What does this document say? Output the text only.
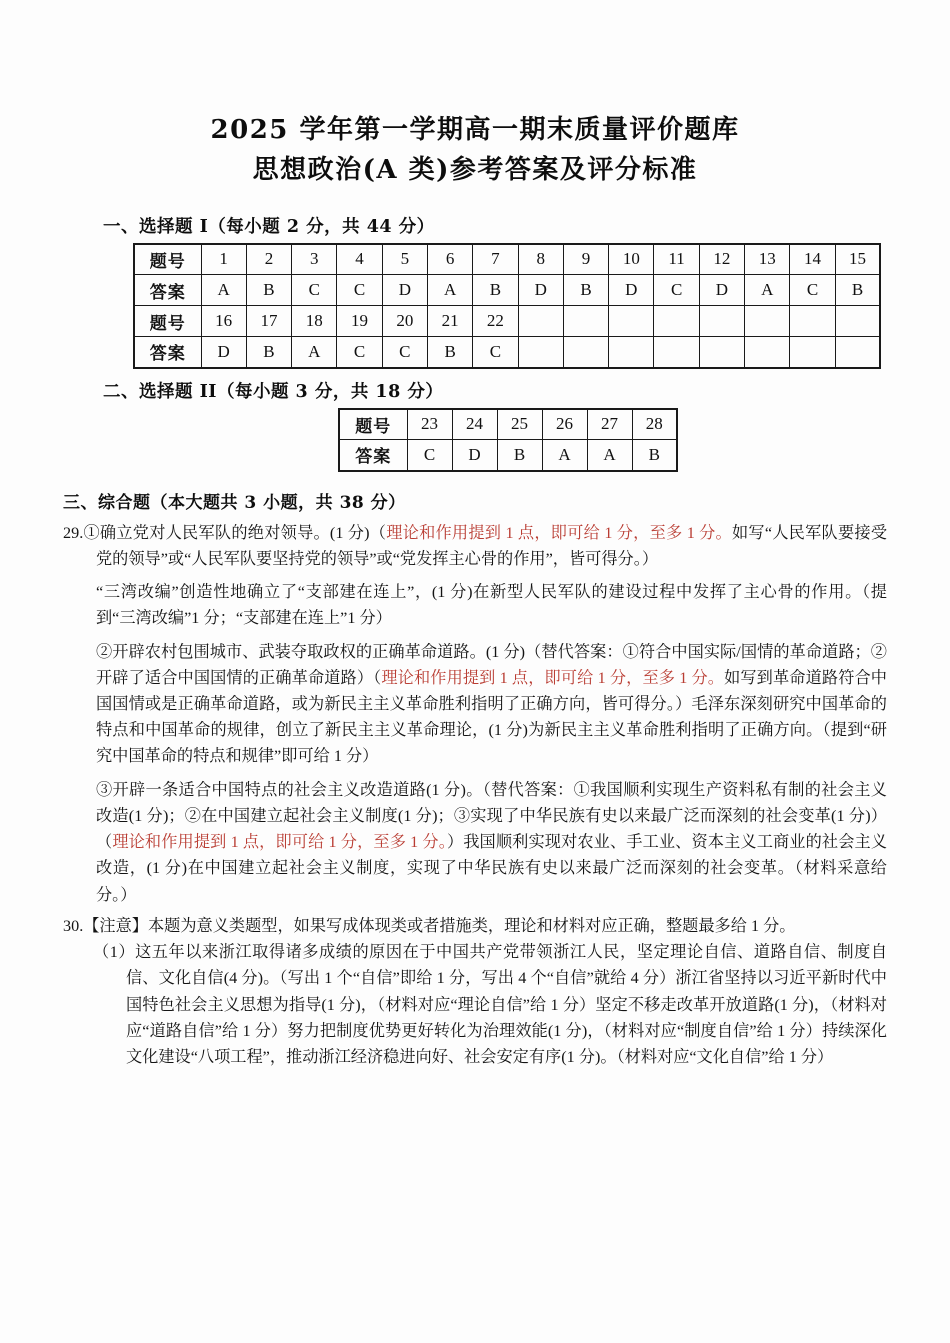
2025 学年第一学期高一期末质量评价题库
思想政治(A 类)参考答案及评分标准
一、选择题 I（每小题 2 分，共 44 分）
题号	1	2	3	4	5	6	7	8	9	10	11	12	13	14	15
答案	A	B	C	C	D	A	B	D	B	D	C	D	A	C	B
题号	16	17	18	19	20	21	22								
答案	D	B	A	C	C	B	C								
二、选择题 II（每小题 3 分，共 18 分）
题号	23	24	25	26	27	28
答案	C	D	B	A	A	B
三、综合题（本大题共 3 小题，共 38 分）
29.①确立党对人民军队的绝对领导。(1 分)（理论和作用提到 1 点，即可给 1 分，至多 1 分。如写“人民军队要接受党的领导”或“人民军队要坚持党的领导”或“党发挥主心骨的作用”，皆可得分。）
“三湾改编”创造性地确立了“支部建在连上”，(1 分)在新型人民军队的建设过程中发挥了主心骨的作用。（提到“三湾改编”1 分；“支部建在连上”1 分）
②开辟农村包围城市、武装夺取政权的正确革命道路。(1 分)（替代答案：①符合中国实际/国情的革命道路；②开辟了适合中国国情的正确革命道路）（理论和作用提到 1 点，即可给 1 分，至多 1 分。如写到革命道路符合中国国情或是正确革命道路，或为新民主主义革命胜利指明了正确方向，皆可得分。）毛泽东深刻研究中国革命的特点和中国革命的规律，创立了新民主主义革命理论，(1 分)为新民主主义革命胜利指明了正确方向。（提到“研究中国革命的特点和规律”即可给 1 分）
③开辟一条适合中国特点的社会主义改造道路(1 分)。（替代答案：①我国顺利实现生产资料私有制的社会主义改造(1 分)；②在中国建立起社会主义制度(1 分)；③实现了中华民族有史以来最广泛而深刻的社会变革(1 分)）（理论和作用提到 1 点，即可给 1 分，至多 1 分。）我国顺利实现对农业、手工业、资本主义工商业的社会主义改造，(1 分)在中国建立起社会主义制度，实现了中华民族有史以来最广泛而深刻的社会变革。（材料采意给分。）
30.【注意】本题为意义类题型，如果写成体现类或者措施类，理论和材料对应正确，整题最多给 1 分。
（1）这五年以来浙江取得诸多成绩的原因在于中国共产党带领浙江人民，坚定理论自信、道路自信、制度自信、文化自信(4 分)。（写出 1 个“自信”即给 1 分，写出 4 个“自信”就给 4 分）浙江省坚持以习近平新时代中国特色社会主义思想为指导(1 分)，（材料对应“理论自信”给 1 分）坚定不移走改革开放道路(1 分)，（材料对应“道路自信”给 1 分）努力把制度优势更好转化为治理效能(1 分)，（材料对应“制度自信”给 1 分）持续深化文化建设“八项工程”，推动浙江经济稳进向好、社会安定有序(1 分)。（材料对应“文化自信”给 1 分）
